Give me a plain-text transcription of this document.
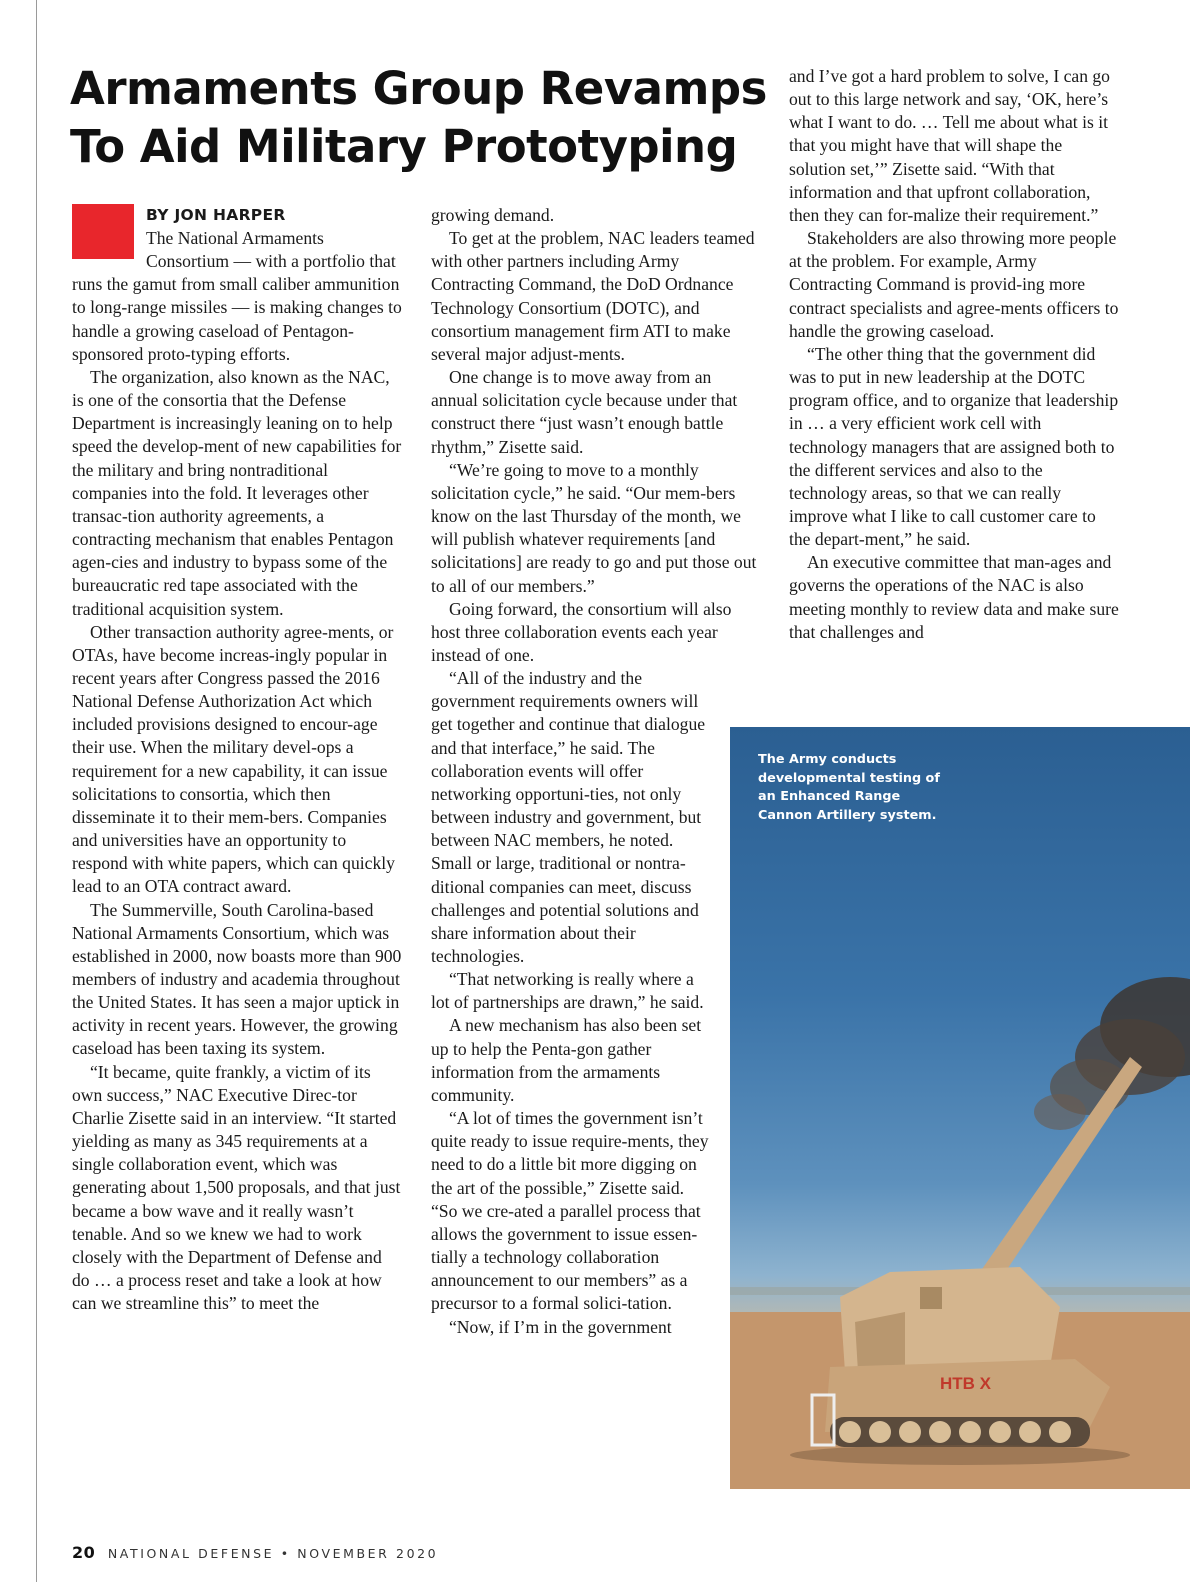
Armaments Group Revamps
To Aid Military Prototyping
BY JON HARPER

The National Armaments Consortium — with a portfolio that runs the gamut from small caliber ammunition to long-range missiles — is making changes to handle a growing caseload of Pentagon-sponsored proto-typing efforts.

The organization, also known as the NAC, is one of the consortia that the Defense Department is increasingly leaning on to help speed the develop-ment of new capabilities for the military and bring nontraditional companies into the fold. It leverages other transac-tion authority agreements, a contracting mechanism that enables Pentagon agen-cies and industry to bypass some of the bureaucratic red tape associated with the traditional acquisition system.

Other transaction authority agree-ments, or OTAs, have become increas-ingly popular in recent years after Congress passed the 2016 National Defense Authorization Act which included provisions designed to encour-age their use. When the military devel-ops a requirement for a new capability, it can issue solicitations to consortia, which then disseminate it to their mem-bers. Companies and universities have an opportunity to respond with white papers, which can quickly lead to an OTA contract award.

The Summerville, South Carolina-based National Armaments Consortium, which was established in 2000, now boasts more than 900 members of industry and academia throughout the United States. It has seen a major uptick in activity in recent years. However, the growing caseload has been taxing its system.

“It became, quite frankly, a victim of its own success,” NAC Executive Direc-tor Charlie Zisette said in an interview. “It started yielding as many as 345 requirements at a single collaboration event, which was generating about 1,500 proposals, and that just became a bow wave and it really wasn’t tenable. And so we knew we had to work closely with the Department of Defense and do … a process reset and take a look at how can we streamline this” to meet the

growing demand.

To get at the problem, NAC leaders teamed with other partners including Army Contracting Command, the DoD Ordnance Technology Consortium (DOTC), and consortium management firm ATI to make several major adjust-ments.

One change is to move away from an annual solicitation cycle because under that construct there “just wasn’t enough battle rhythm,” Zisette said.

“We’re going to move to a monthly solicitation cycle,” he said. “Our mem-bers know on the last Thursday of the month, we will publish whatever requirements [and solicitations] are ready to go and put those out to all of our members.”

Going forward, the consortium will also host three collaboration events each year instead of one.

“All of the industry and the government requirements owners will get together and continue that dialogue and that interface,” he said. The collaboration events will offer networking opportuni-ties, not only between industry and government, but between NAC members, he noted. Small or large, traditional or nontra-ditional companies can meet, discuss challenges and potential solutions and share information about their technologies.

“That networking is really where a lot of partnerships are drawn,” he said.

A new mechanism has also been set up to help the Penta-gon gather information from the armaments community.

“A lot of times the government isn’t quite ready to issue require-ments, they need to do a little bit more digging on the art of the possible,” Zisette said. “So we cre-ated a parallel process that allows the government to issue essen-tially a technology collaboration announcement to our members” as a precursor to a formal solici-tation.

“Now, if I’m in the government

and I’ve got a hard problem to solve, I can go out to this large network and say, ‘OK, here’s what I want to do. … Tell me about what is it that you might have that will shape the solution set,’” Zisette said. “With that information and that upfront collaboration, then they can for-malize their requirement.”

Stakeholders are also throwing more people at the problem. For example, Army Contracting Command is provid-ing more contract specialists and agree-ments officers to handle the growing caseload.

“The other thing that the government did was to put in new leadership at the DOTC program office, and to organize that leadership in … a very efficient work cell with technology managers that are assigned both to the different services and also to the technology areas, so that we can really improve what I like to call customer care to the depart-ment,” he said.

An executive committee that man-ages and governs the operations of the NAC is also meeting monthly to review data and make sure that challenges and

HTB X
The Army conducts developmental testing of an Enhanced Range Cannon Artillery system.
20 NATIONAL DEFENSE • NOVEMBER 2020
